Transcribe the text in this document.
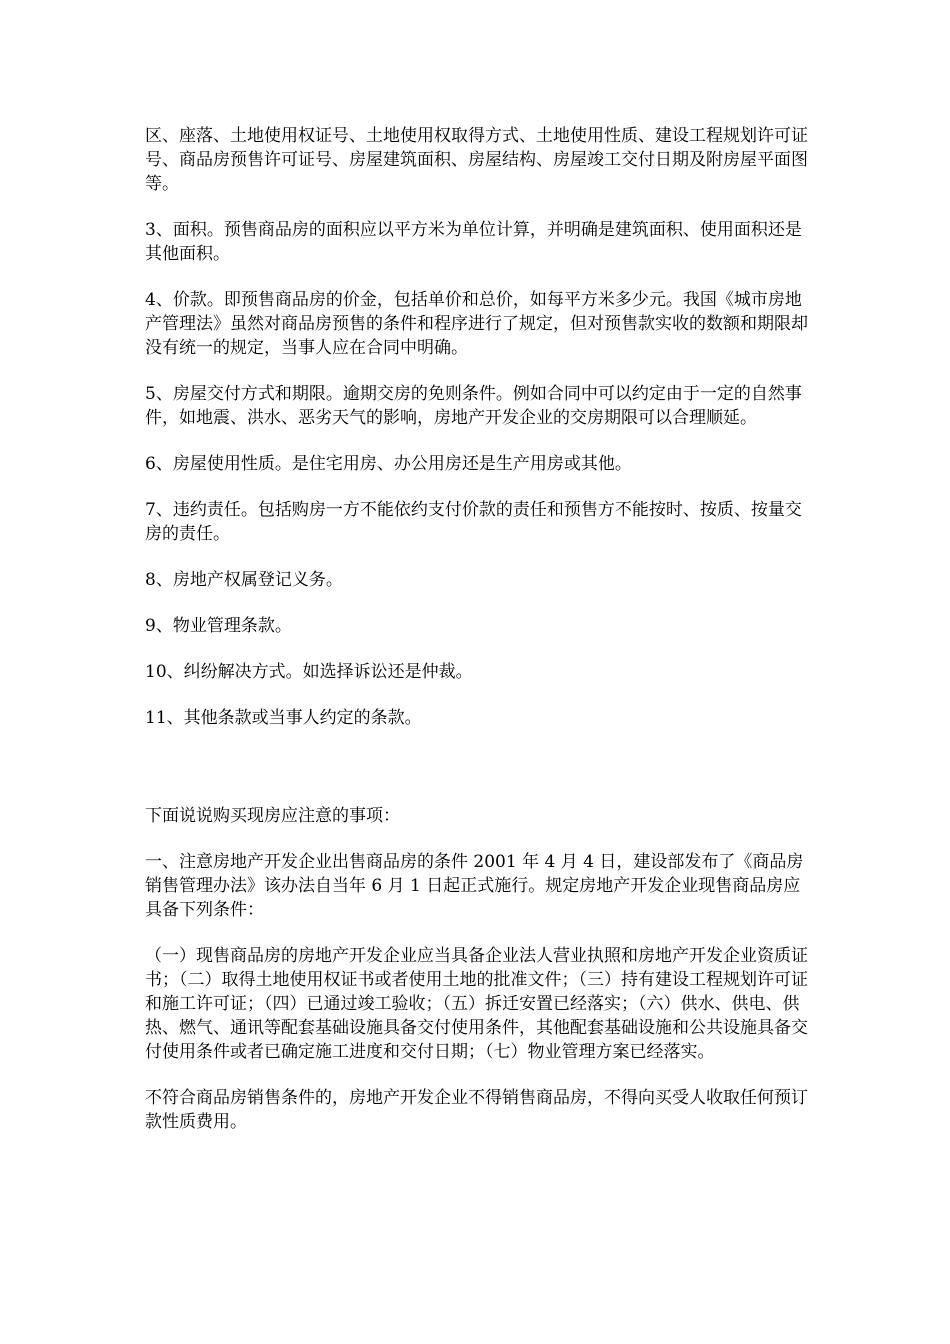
区、座落、土地使用权证号、土地使用权取得方式、土地使用性质、建设工程规划许可证号、商品房预售许可证号、房屋建筑面积、房屋结构、房屋竣工交付日期及附房屋平面图等。

3、面积。预售商品房的面积应以平方米为单位计算，并明确是建筑面积、使用面积还是其他面积。

4、价款。即预售商品房的价金，包括单价和总价，如每平方米多少元。我国《城市房地产管理法》虽然对商品房预售的条件和程序进行了规定，但对预售款实收的数额和期限却没有统一的规定，当事人应在合同中明确。

5、房屋交付方式和期限。逾期交房的免则条件。例如合同中可以约定由于一定的自然事件，如地震、洪水、恶劣天气的影响，房地产开发企业的交房期限可以合理顺延。

6、房屋使用性质。是住宅用房、办公用房还是生产用房或其他。

7、违约责任。包括购房一方不能依约支付价款的责任和预售方不能按时、按质、按量交房的责任。

8、房地产权属登记义务。

9、物业管理条款。

10、纠纷解决方式。如选择诉讼还是仲裁。

11、其他条款或当事人约定的条款。

下面说说购买现房应注意的事项：

一、注意房地产开发企业出售商品房的条件 2001 年 4 月 4 日，建设部发布了《商品房销售管理办法》该办法自当年 6 月 1 日起正式施行。规定房地产开发企业现售商品房应具备下列条件：

（一）现售商品房的房地产开发企业应当具备企业法人营业执照和房地产开发企业资质证书；（二）取得土地使用权证书或者使用土地的批准文件；（三）持有建设工程规划许可证和施工许可证；（四）已通过竣工验收；（五）拆迁安置已经落实；（六）供水、供电、供热、燃气、通讯等配套基础设施具备交付使用条件，其他配套基础设施和公共设施具备交付使用条件或者已确定施工进度和交付日期；（七）物业管理方案已经落实。

不符合商品房销售条件的，房地产开发企业不得销售商品房，不得向买受人收取任何预订款性质费用。
